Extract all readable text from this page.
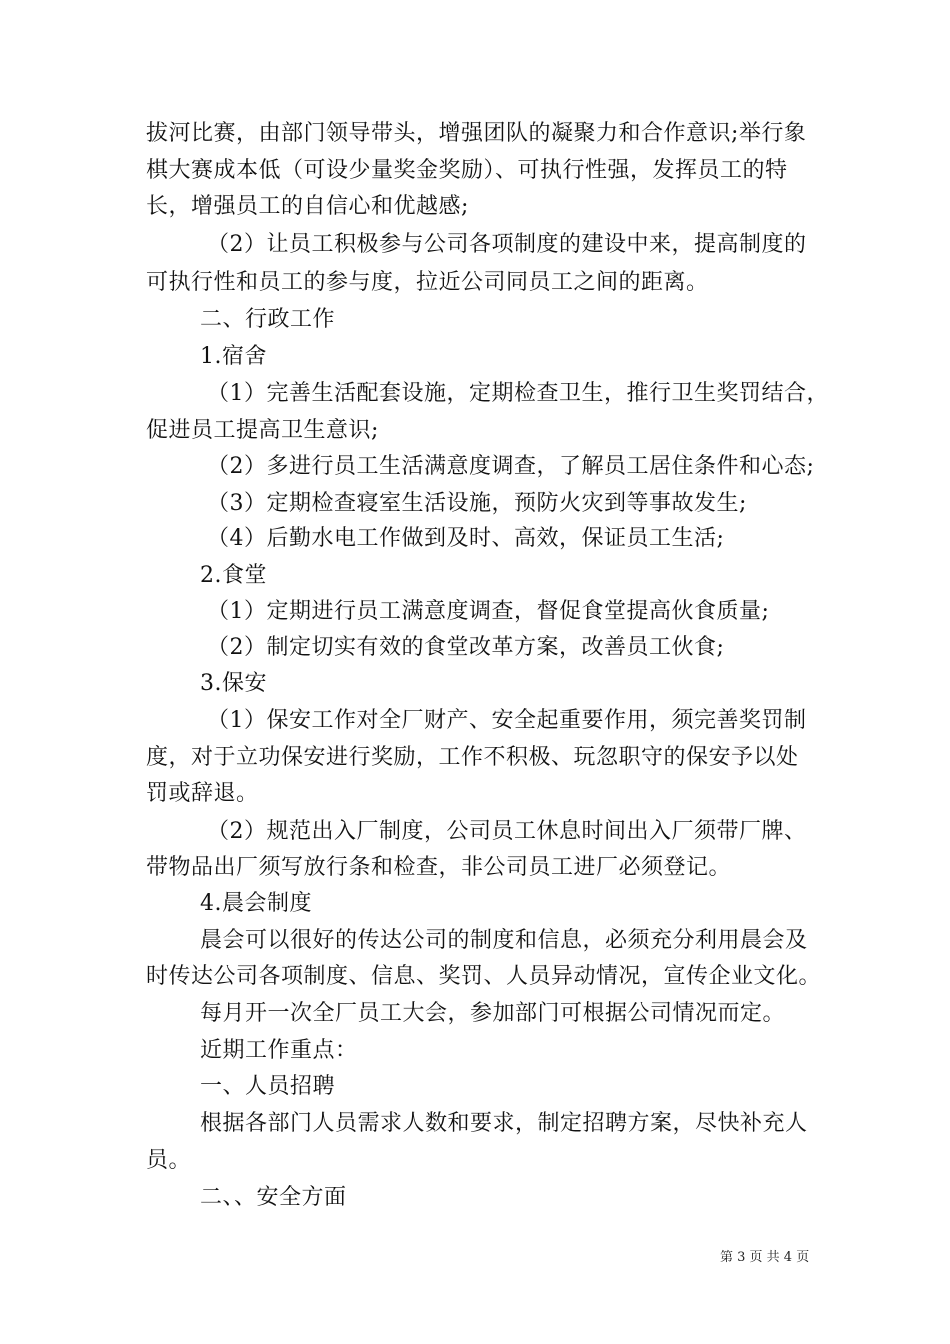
拔河比赛，由部门领导带头，增强团队的凝聚力和合作意识;举行象
棋大赛成本低（可设少量奖金奖励）、可执行性强，发挥员工的特
长，增强员工的自信心和优越感;
（2）让员工积极参与公司各项制度的建设中来，提高制度的
可执行性和员工的参与度，拉近公司同员工之间的距离。
二、行政工作
1.宿舍
（1）完善生活配套设施，定期检查卫生，推行卫生奖罚结合，
促进员工提高卫生意识;
（2）多进行员工生活满意度调查，了解员工居住条件和心态;
（3）定期检查寝室生活设施，预防火灾到等事故发生;
（4）后勤水电工作做到及时、高效，保证员工生活;
2.食堂
（1）定期进行员工满意度调查，督促食堂提高伙食质量;
（2）制定切实有效的食堂改革方案，改善员工伙食;
3.保安
（1）保安工作对全厂财产、安全起重要作用，须完善奖罚制
度，对于立功保安进行奖励，工作不积极、玩忽职守的保安予以处
罚或辞退。
（2）规范出入厂制度，公司员工休息时间出入厂须带厂牌、
带物品出厂须写放行条和检查，非公司员工进厂必须登记。
4.晨会制度
晨会可以很好的传达公司的制度和信息，必须充分利用晨会及
时传达公司各项制度、信息、奖罚、人员异动情况，宣传企业文化。
每月开一次全厂员工大会，参加部门可根据公司情况而定。
近期工作重点：
一、人员招聘
根据各部门人员需求人数和要求，制定招聘方案，尽快补充人
员。
二、、安全方面
第 3 页 共 4 页
